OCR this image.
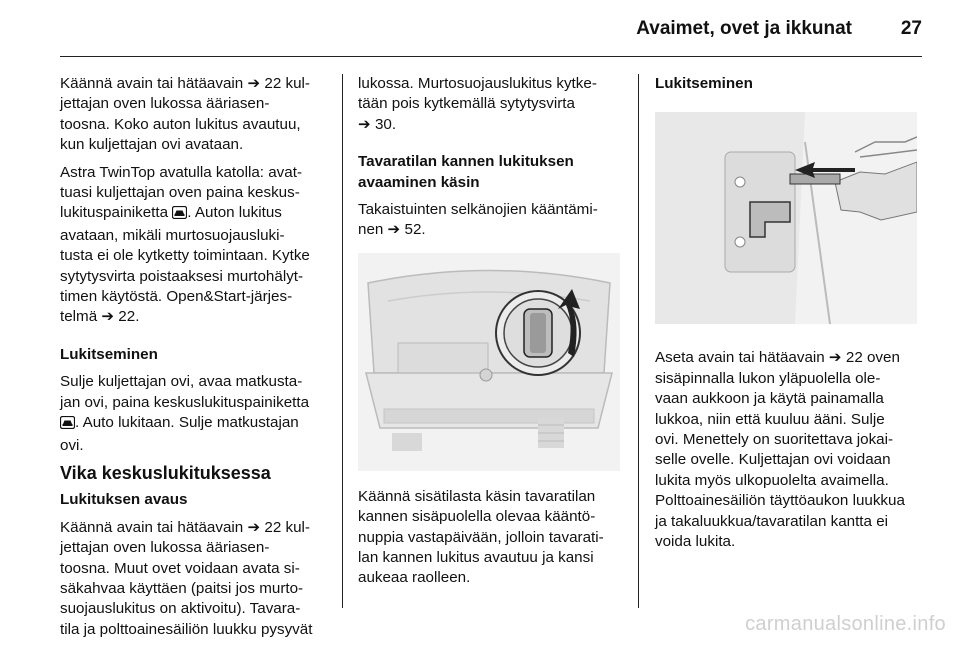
Avaimet, ovet ja ikkunat	27

Käännä avain tai hätäavain ➔ 22 kul-
jettajan oven lukossa ääriasen-
toosna. Koko auton lukitus avautuu,
kun kuljettajan ovi avataan.

Astra TwinTop avatulla katolla: avat-
tuasi kuljettajan oven paina keskus-
lukituspainiketta . Auton lukitus
avataan, mikäli murtosuojausluki-
tusta ei ole kytketty toimintaan. Kytke
sytytysvirta poistaaksesi murtohälyt-
timen käytöstä. Open&Start-järjes-
telmä ➔ 22.

Lukitseminen

Sulje kuljettajan ovi, avaa matkusta-
jan ovi, paina keskuslukituspainiketta
. Auto lukitaan. Sulje matkustajan
ovi.

Vika keskuslukituksessa

Lukituksen avaus

Käännä avain tai hätäavain ➔ 22 kul-
jettajan oven lukossa ääriasen-
toosna. Muut ovet voidaan avata si-
säkahvaa käyttäen (paitsi jos murto-
suojauslukitus on aktivoitu). Tavara-
tila ja polttoainesäiliön luukku pysyvät

lukossa. Murtosuojauslukitus kytke-
tään pois kytkemällä sytytysvirta
➔ 30.

Tavaratilan kannen lukituksen
avaaminen käsin

Takaistuinten selkänojien kääntämi-
nen ➔ 52.

Käännä sisätilasta käsin tavaratilan
kannen sisäpuolella olevaa kääntö-
nuppia vastapäivään, jolloin tavarati-
lan kannen lukitus avautuu ja kansi
aukeaa raolleen.

Lukitseminen

Aseta avain tai hätäavain ➔ 22 oven
sisäpinnalla lukon yläpuolella ole-
vaan aukkoon ja käytä painamalla
lukkoa, niin että kuuluu ääni. Sulje
ovi. Menettely on suoritettava jokai-
selle ovelle. Kuljettajan ovi voidaan
lukita myös ulkopuolelta avaimella.
Polttoainesäiliön täyttöaukon luukkua
ja takaluukkua/tavaratilan kantta ei
voida lukita.

carmanualsonline.info
